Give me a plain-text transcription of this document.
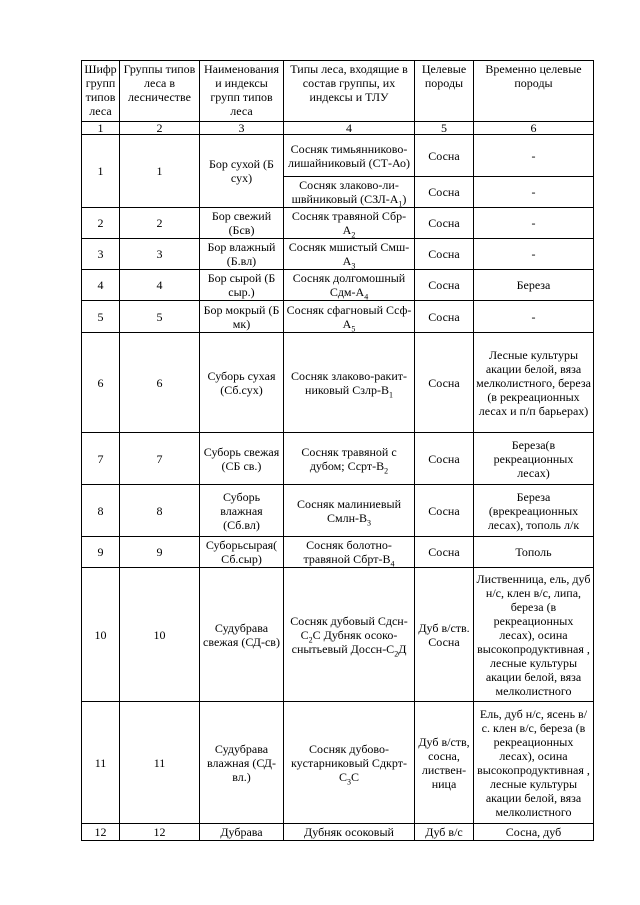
Шифр групп типов леса	Группы типов леса в лесничестве	Наименования и индексы групп типов леса	Типы леса, входящие в состав группы, их индексы и ТЛУ	Целевые породы	Временно целевые породы
1	2	3	4	5	6
1	1	Бор сухой (Б сух)	Сосняк тимьянниково-лишайниковый (СТ-Ао)	Сосна	-
			Сосняк злаково-ли-швйниковый $(СЗЛ-А_1)$	Сосна	-
2	2	Бор свежий (Бсв)	Сосняк травяной Сбр-$А_2$	Сосна	-
3	3	Бор влажный (Б.вл)	Сосняк мшистый Смш-$А_3$	Сосна	-
4	4	Бор сырой (Б сыр.)	Сосняк долгомошный Сдм-$А_4$	Сосна	Береза
5	5	Бор мокрый (Б мк)	Сосняк сфагновый Ссф-$А_5$	Сосна	-
6	6	Суборь сухая (Сб.сух)	Сосняк злаково-ракит-никовый Сзлр-$В_1$	Сосна	Лесные культуры акации белой, вяза мелколистного, береза (в рекреационных лесах и п/п барьерах)
7	7	Суборь свежая (СБ св.)	Сосняк травяной с дубом; Ссрт-$В_2$	Сосна	Береза(в рекреационных лесах)
8	8	Суборь влажная (Сб.вл)	Сосняк малиниевый Смлн-$В_3$	Сосна	Береза (врекреационных лесах), тополь л/к
9	9	Суборьсырая( Сб.сыр)	Сосняк болотно-травяной Сбрт-$В_4$	Сосна	Тополь
10	10	Судубрава свежая (СД-св)	Сосняк дубовый Сдсн-$С_2С$ Дубняк осоко-снытьевый Доссн-$С_2Д$	Дуб в/ств. Сосна	Лиственница, ель, дуб н/с, клен в/с, липа, береза (в рекреационных лесах), осина высокопродуктивная , лесные культуры акации белой, вяза мелколистного
11	11	Судубрава влажная (СД-вл.)	Сосняк дубово-кустарниковый Сдкрт-$С_3С$	Дуб в/ств, сосна, листвен-ница	Ель, дуб н/с, ясень в/с. клен в/с, береза (в рекреационных лесах), осина высокопродуктивная , лесные культуры акации белой, вяза мелколистного
12	12	Дубрава	Дубняк осоковый	Дуб в/с	Сосна, дуб
